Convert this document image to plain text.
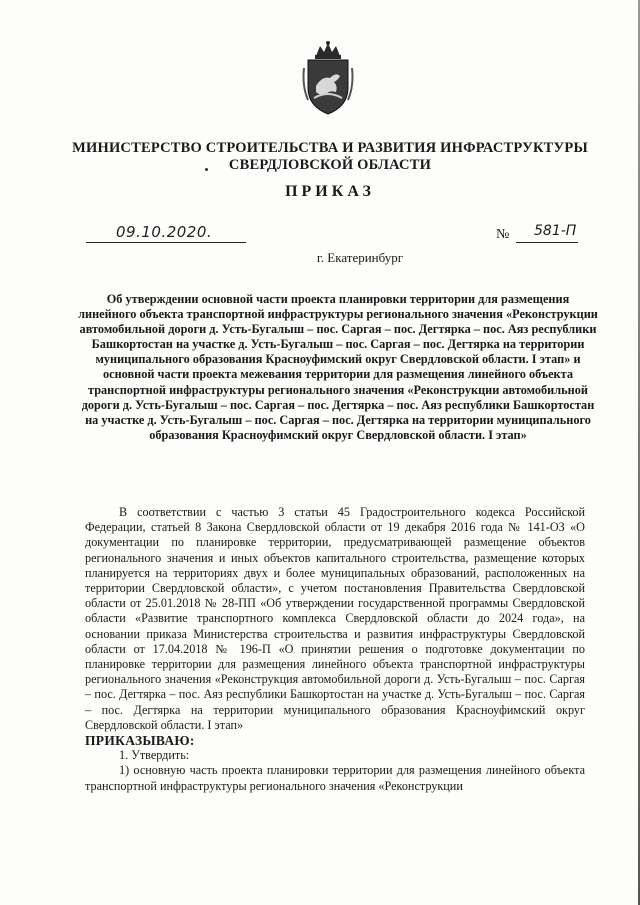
МИНИСТЕРСТВО СТРОИТЕЛЬСТВА И РАЗВИТИЯ ИНФРАСТРУКТУРЫ
СВЕРДЛОВСКОЙ ОБЛАСТИ
ПРИКАЗ
09.10.2020.	№ 581-П
г. Екатеринбург
Об утверждении основной части проекта планировки территории для размещения линейного объекта транспортной инфраструктуры регионального значения «Реконструкции автомобильной дороги д. Усть-Бугалыш – пос. Саргая – пос. Дегтярка – пос. Аяз республики Башкортостан на участке д. Усть-Бугалыш – пос. Саргая – пос. Дегтярка на территории муниципального образования Красноуфимский округ Свердловской области. I этап» и основной части проекта межевания территории для размещения линейного объекта транспортной инфраструктуры регионального значения «Реконструкции автомобильной дороги д. Усть-Бугалыш – пос. Саргая – пос. Дегтярка – пос. Аяз республики Башкортостан на участке д. Усть-Бугалыш – пос. Саргая – пос. Дегтярка на территории муниципального образования Красноуфимский округ Свердловской области. I этап»

В соответствии с частью 3 статьи 45 Градостроительного кодекса Российской Федерации, статьей 8 Закона Свердловской области от 19 декабря 2016 года № 141-ОЗ «О документации по планировке территории, предусматривающей размещение объектов регионального значения и иных объектов капитального строительства, размещение которых планируется на территориях двух и более муниципальных образований, расположенных на территории Свердловской области», с учетом постановления Правительства Свердловской области от 25.01.2018 № 28-ПП «Об утверждении государственной программы Свердловской области «Развитие транспортного комплекса Свердловской области до 2024 года», на основании приказа Министерства строительства и развития инфраструктуры Свердловской области от 17.04.2018 № 196-П «О принятии решения о подготовке документации по планировке территории для размещения линейного объекта транспортной инфраструктуры регионального значения «Реконструкция автомобильной дороги д. Усть-Бугалыш – пос. Саргая – пос. Дегтярка – пос. Аяз республики Башкортостан на участке д. Усть-Бугалыш – пос. Саргая – пос. Дегтярка на территории муниципального образования Красноуфимский округ Свердловской области. I этап»

ПРИКАЗЫВАЮ:

1. Утвердить:

1) основную часть проекта планировки территории для размещения линейного объекта транспортной инфраструктуры регионального значения «Реконструкции
